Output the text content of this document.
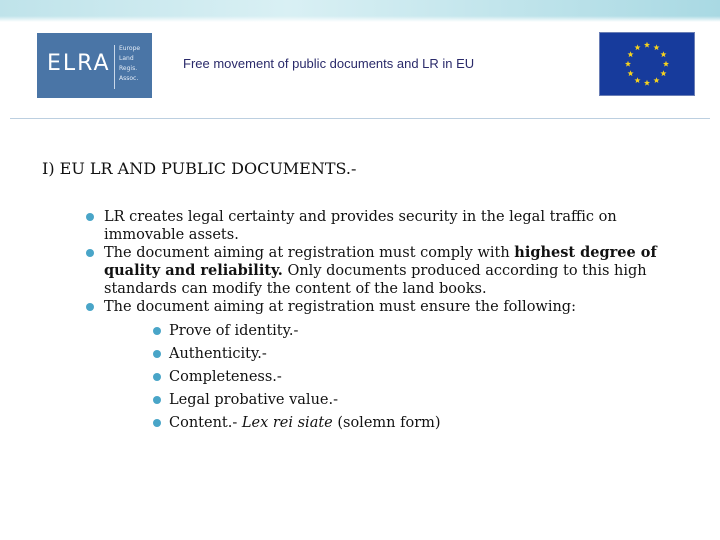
ELRA
Europe
Land
Regis.
Assoc.
Free movement of public documents and LR in EU
I) EU LR AND PUBLIC DOCUMENTS.-
LR creates legal certainty and provides security in the legal traffic on immovable assets.
The document aiming at registration must comply with highest degree of quality and reliability. Only documents produced according to this high standards can modify the content of the land books.
The document aiming at registration must ensure the following:
Prove of identity.-
Authenticity.-
Completeness.-
Legal probative value.-
Content.- Lex rei siate (solemn form)
